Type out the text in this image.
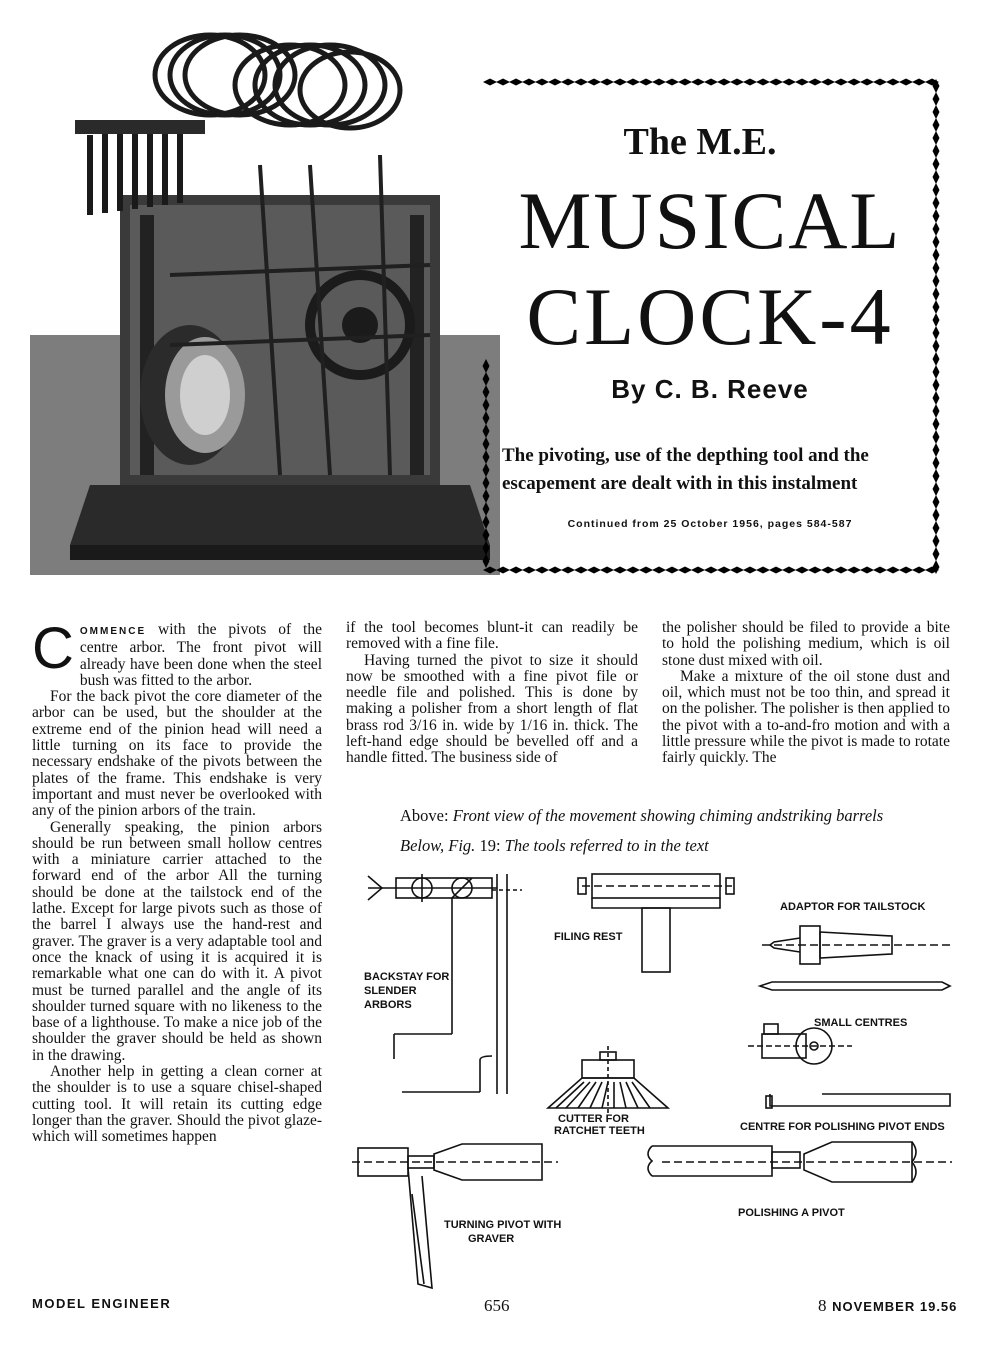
The M.E.
MUSICAL
CLOCK-4
By C. B. Reeve
The pivoting, use of the depthing tool and the escapement are dealt with in this instalment
Continued from 25 October 1956, pages 584-587

COMMENCE with the pivots of the centre arbor. The front pivot will already have been done when the steel bush was fitted to the arbor.

For the back pivot the core diameter of the arbor can be used, but the shoulder at the extreme end of the pinion head will need a little turning on its face to provide the necessary endshake of the pivots between the plates of the frame. This endshake is very important and must never be overlooked with any of the pinion arbors of the train.

Generally speaking, the pinion arbors should be run between small hollow centres with a miniature carrier attached to the forward end of the arbor All the turning should be done at the tailstock end of the lathe. Except for large pivots such as those of the barrel I always use the hand-rest and graver. The graver is a very adaptable tool and once the knack of using it is acquired it is remarkable what one can do with it. A pivot must be turned parallel and the angle of its shoulder turned square with no likeness to the base of a lighthouse. To make a nice job of the shoulder the graver should be held as shown in the drawing.

Another help in getting a clean corner at the shoulder is to use a square chisel-shaped cutting tool. It will retain its cutting edge longer than the graver. Should the pivot glaze-which will sometimes happen

if the tool becomes blunt-it can readily be removed with a fine file.

Having turned the pivot to size it should now be smoothed with a fine pivot file or needle file and polished. This is done by making a polisher from a short length of flat brass rod 3/16 in. wide by 1/16 in. thick. The left-hand edge should be bevelled off and a handle fitted. The business side of

the polisher should be filed to provide a bite to hold the polishing medium, which is oil stone dust mixed with oil.

Make a mixture of the oil stone dust and oil, which must not be too thin, and spread it on the polisher. The polisher is then applied to the pivot with a to-and-fro motion and with a little pressure while the pivot is made to rotate fairly quickly. The

Above: Front view of the movement showing chiming andstriking barrels
Below, Fig. 19: The tools referred to in the text
BACKSTAY FOR
SLENDER
ARBORS
FILING REST
ADAPTOR FOR TAILSTOCK
SMALL CENTRES
CUTTER FOR
RATCHET TEETH	CENTRE FOR POLISHING PIVOT ENDS
TURNING PIVOT WITH
GRAVER
POLISHING A PIVOT
MODEL ENGINEER	656	8 NOVEMBER 19.56
